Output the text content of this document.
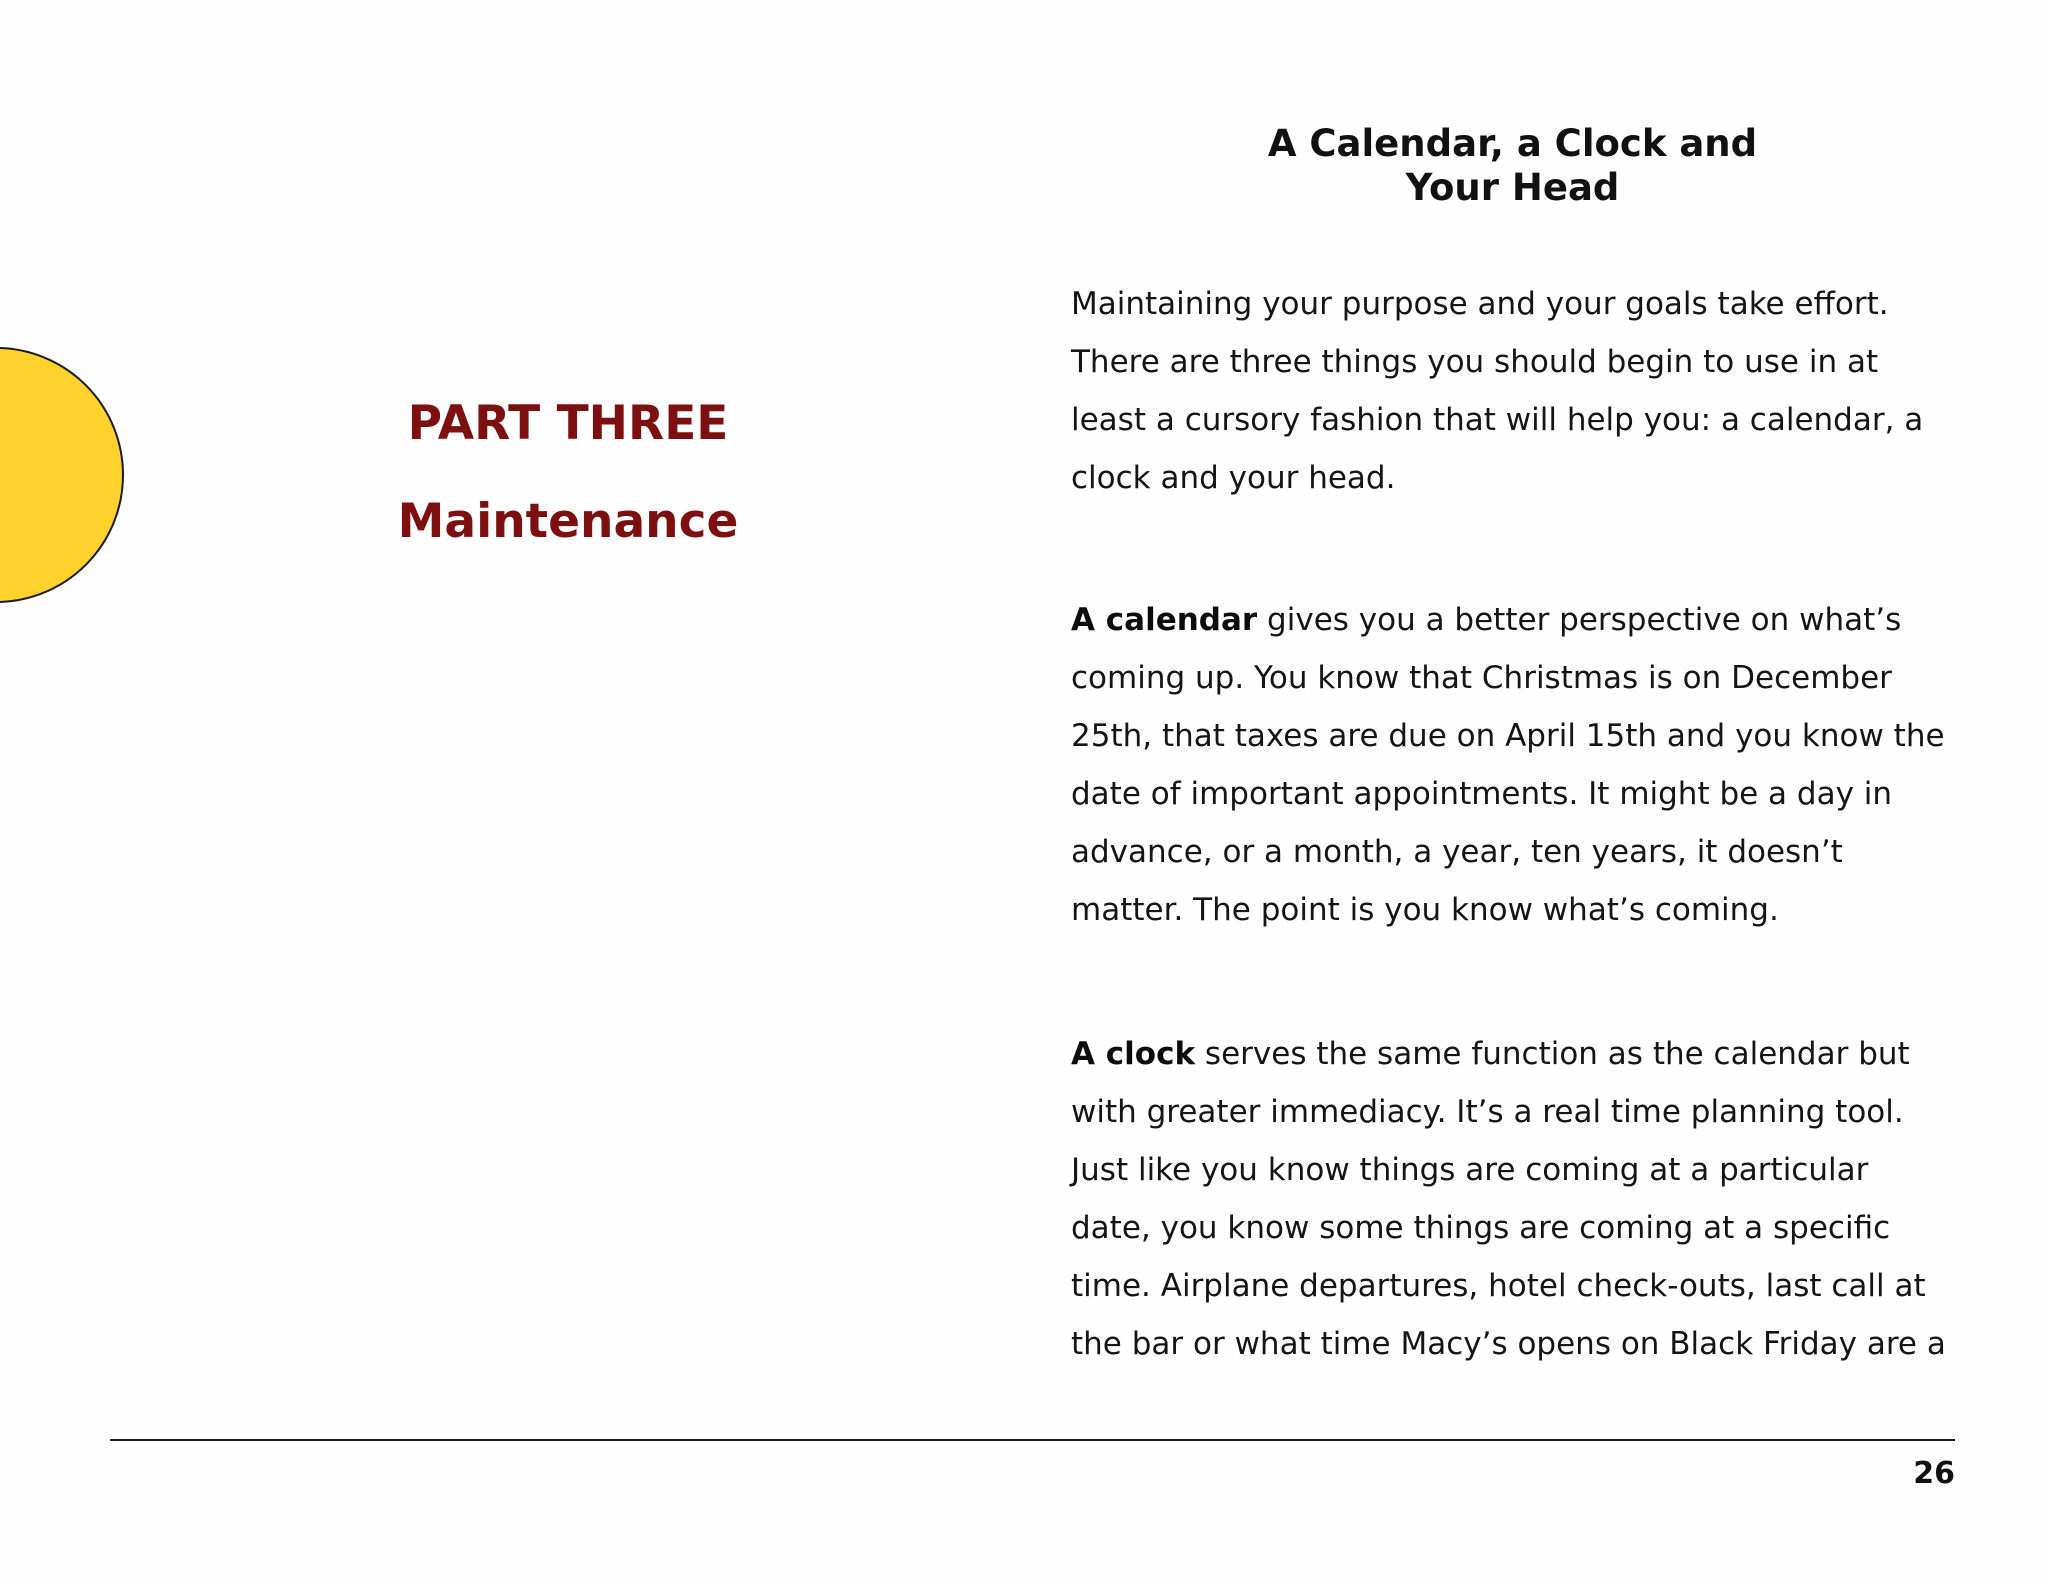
PART THREE
Maintenance
A Calendar, a Clock and
Your Head
Maintaining your purpose and your goals take effort.
There are three things you should begin to use in at
least a cursory fashion that will help you: a calendar, a
clock and your head.
A calendar gives you a better perspective on what’s
coming up. You know that Christmas is on December
25th, that taxes are due on April 15th and you know the
date of important appointments. It might be a day in
advance, or a month, a year, ten years, it doesn’t
matter. The point is you know what’s coming.
A clock serves the same function as the calendar but
with greater immediacy. It’s a real time planning tool.
Just like you know things are coming at a particular
date, you know some things are coming at a specific
time. Airplane departures, hotel check-outs, last call at
the bar or what time Macy’s opens on Black Friday are a
26
